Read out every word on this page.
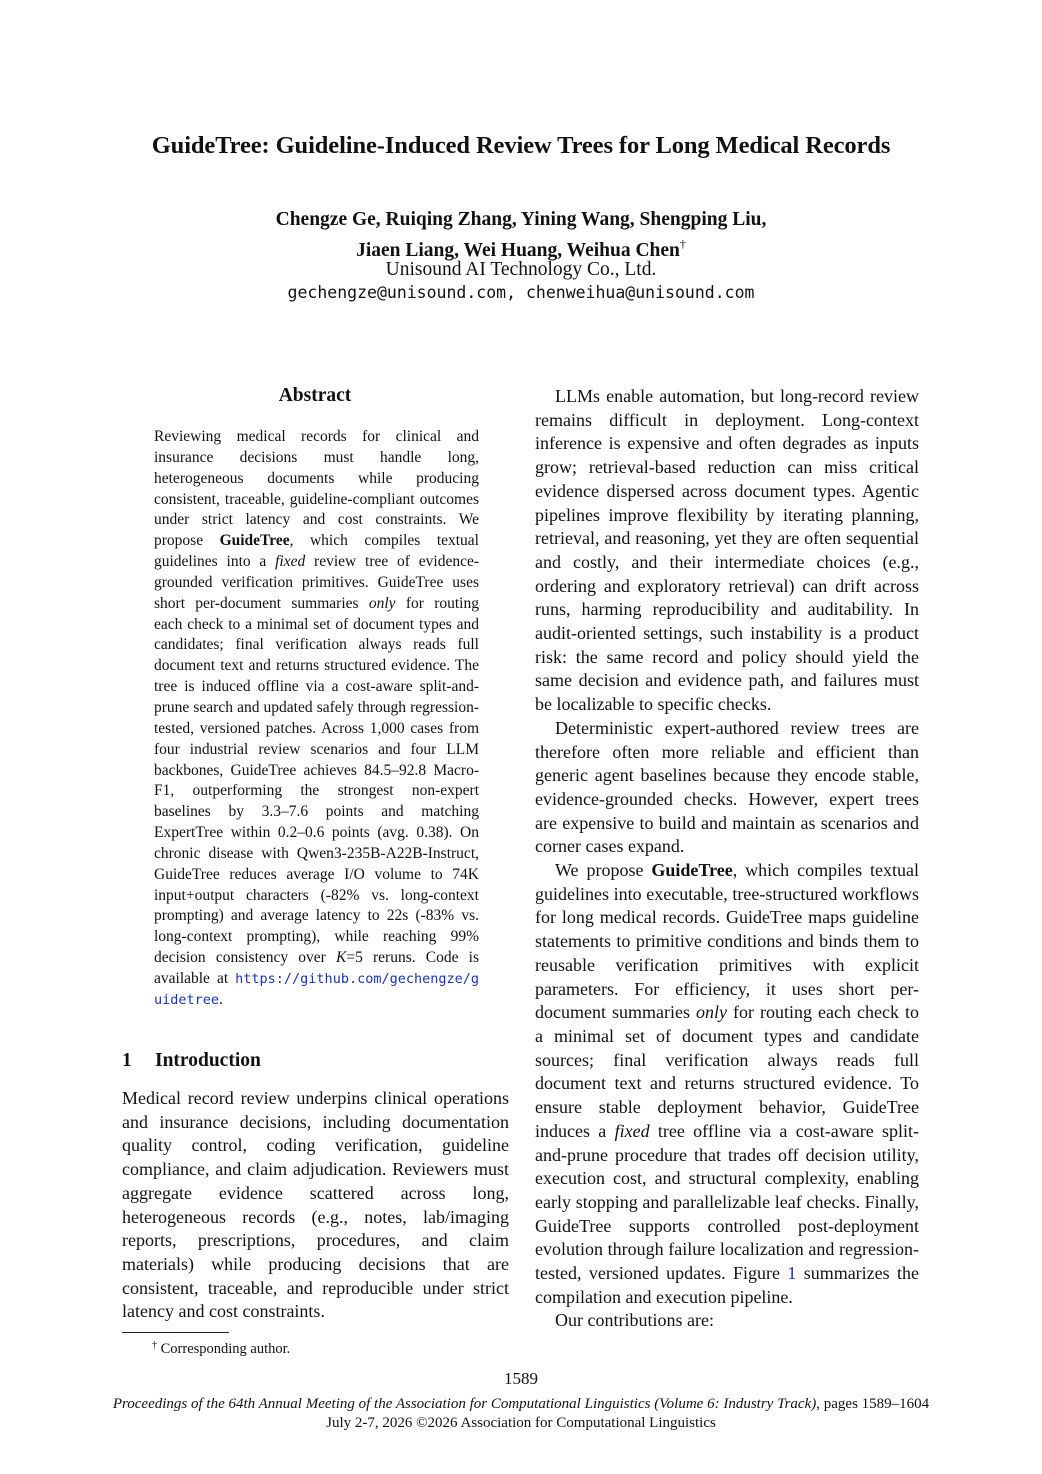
GuideTree: Guideline-Induced Review Trees for Long Medical Records
Chengze Ge, Ruiqing Zhang, Yining Wang, Shengping Liu,
Jiaen Liang, Wei Huang, Weihua Chen†
Unisound AI Technology Co., Ltd.
gechengze@unisound.com, chenweihua@unisound.com
Abstract

Reviewing medical records for clinical and insurance decisions must handle long, heterogeneous documents while producing consistent, traceable, guideline-compliant outcomes under strict latency and cost constraints. We propose GuideTree, which compiles textual guidelines into a fixed review tree of evidence-grounded verification primitives. GuideTree uses short per-document summaries only for routing each check to a minimal set of document types and candidates; final verification always reads full document text and returns structured evidence. The tree is induced offline via a cost-aware split-and-prune search and updated safely through regression-tested, versioned patches. Across 1,000 cases from four industrial review scenarios and four LLM backbones, GuideTree achieves 84.5–92.8 Macro-F1, outperforming the strongest non-expert baselines by 3.3–7.6 points and matching ExpertTree within 0.2–0.6 points (avg. 0.38). On chronic disease with Qwen3-235B-A22B-Instruct, GuideTree reduces average I/O volume to 74K input+output characters (-82% vs. long-context prompting) and average latency to 22s (-83% vs. long-context prompting), while reaching 99% decision consistency over K=5 reruns. Code is available at https://github.com/gechengze/guidetree.

1 Introduction

Medical record review underpins clinical operations and insurance decisions, including documentation quality control, coding verification, guideline compliance, and claim adjudication. Reviewers must aggregate evidence scattered across long, heterogeneous records (e.g., notes, lab/imaging reports, prescriptions, procedures, and claim materials) while producing decisions that are consistent, traceable, and reproducible under strict latency and cost constraints.

LLMs enable automation, but long-record review remains difficult in deployment. Long-context inference is expensive and often degrades as inputs grow; retrieval-based reduction can miss critical evidence dispersed across document types. Agentic pipelines improve flexibility by iterating planning, retrieval, and reasoning, yet they are often sequential and costly, and their intermediate choices (e.g., ordering and exploratory retrieval) can drift across runs, harming reproducibility and auditability. In audit-oriented settings, such instability is a product risk: the same record and policy should yield the same decision and evidence path, and failures must be localizable to specific checks.

Deterministic expert-authored review trees are therefore often more reliable and efficient than generic agent baselines because they encode stable, evidence-grounded checks. However, expert trees are expensive to build and maintain as scenarios and corner cases expand.

We propose GuideTree, which compiles textual guidelines into executable, tree-structured workflows for long medical records. GuideTree maps guideline statements to primitive conditions and binds them to reusable verification primitives with explicit parameters. For efficiency, it uses short per-document summaries only for routing each check to a minimal set of document types and candidate sources; final verification always reads full document text and returns structured evidence. To ensure stable deployment behavior, GuideTree induces a fixed tree offline via a cost-aware split-and-prune procedure that trades off decision utility, execution cost, and structural complexity, enabling early stopping and parallelizable leaf checks. Finally, GuideTree supports controlled post-deployment evolution through failure localization and regression-tested, versioned updates. Figure 1 summarizes the compilation and execution pipeline.

Our contributions are:

† Corresponding author.
1589
Proceedings of the 64th Annual Meeting of the Association for Computational Linguistics (Volume 6: Industry Track), pages 1589–1604
July 2-7, 2026 ©2026 Association for Computational Linguistics
